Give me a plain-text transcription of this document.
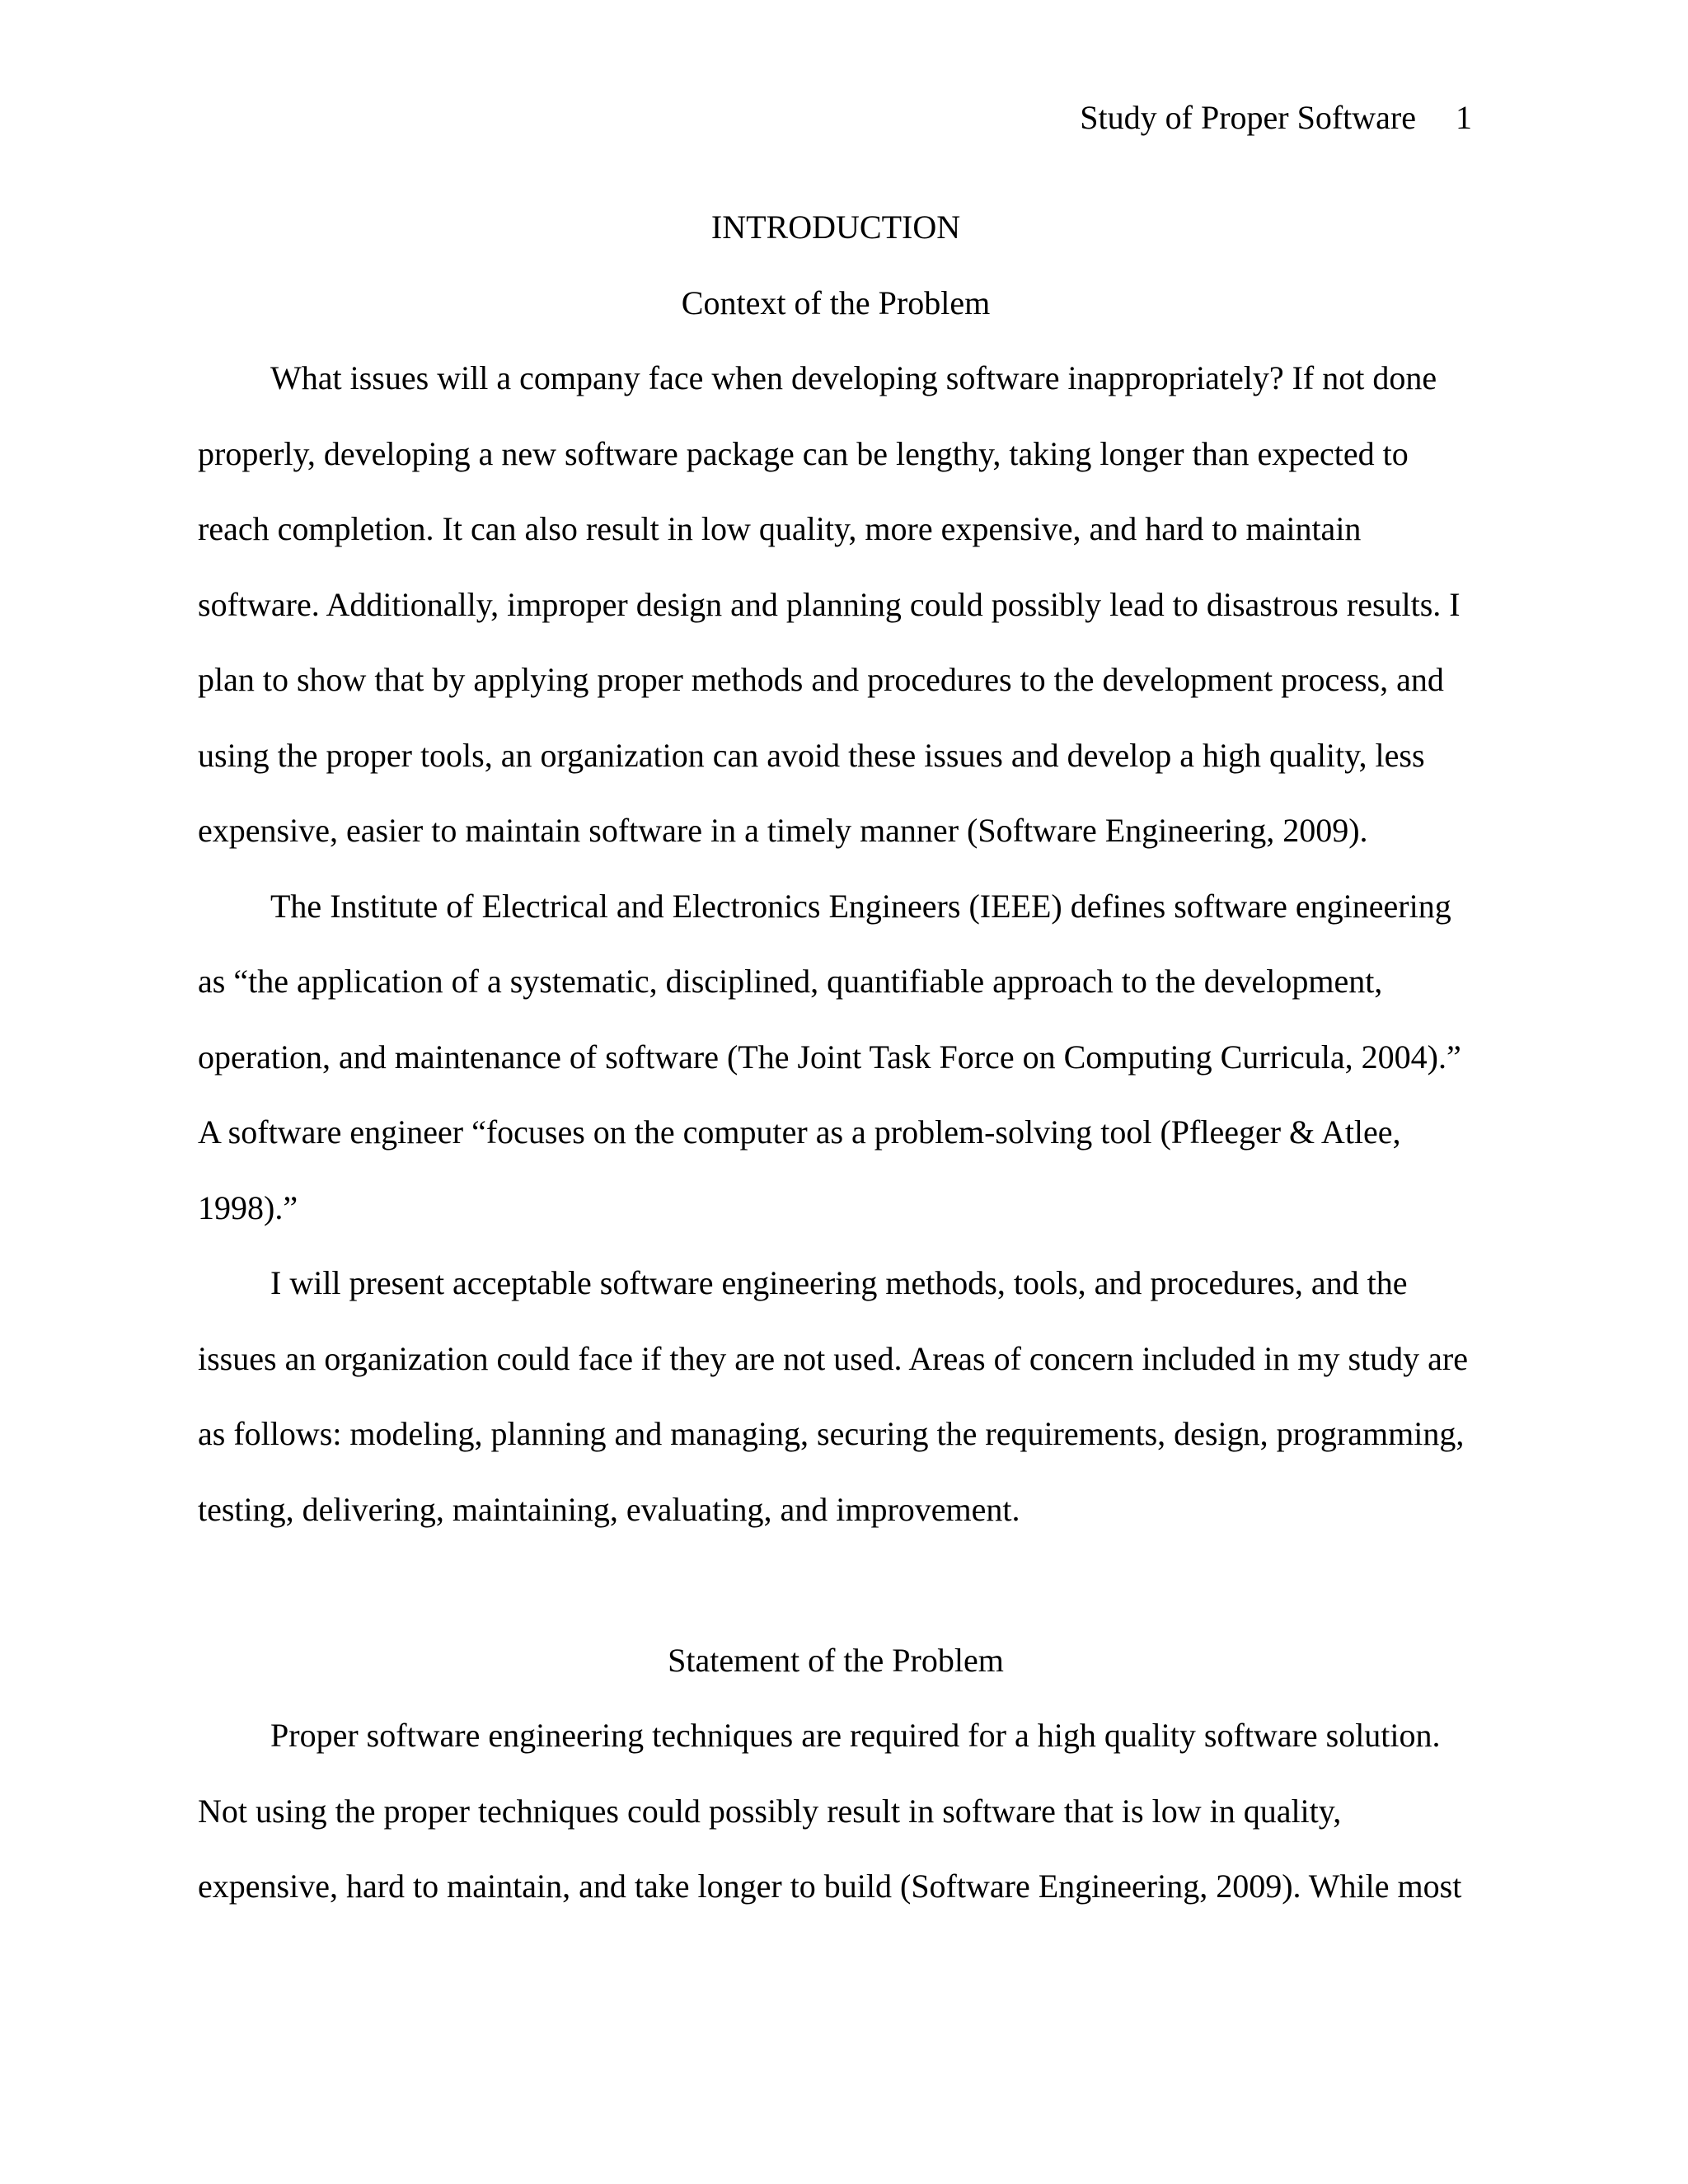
Study of Proper Software 1

INTRODUCTION

Context of the Problem

What issues will a company face when developing software inappropriately? If not done
properly, developing a new software package can be lengthy, taking longer than expected to
reach completion. It can also result in low quality, more expensive, and hard to maintain
software. Additionally, improper design and planning could possibly lead to disastrous results. I
plan to show that by applying proper methods and procedures to the development process, and
using the proper tools, an organization can avoid these issues and develop a high quality, less
expensive, easier to maintain software in a timely manner (Software Engineering, 2009).

The Institute of Electrical and Electronics Engineers (IEEE) defines software engineering
as “the application of a systematic, disciplined, quantifiable approach to the development,
operation, and maintenance of software (The Joint Task Force on Computing Curricula, 2004).”
A software engineer “focuses on the computer as a problem-solving tool (Pfleeger & Atlee,
1998).”

I will present acceptable software engineering methods, tools, and procedures, and the
issues an organization could face if they are not used. Areas of concern included in my study are
as follows: modeling, planning and managing, securing the requirements, design, programming,
testing, delivering, maintaining, evaluating, and improvement.

Statement of the Problem

Proper software engineering techniques are required for a high quality software solution.
Not using the proper techniques could possibly result in software that is low in quality,
expensive, hard to maintain, and take longer to build (Software Engineering, 2009). While most
